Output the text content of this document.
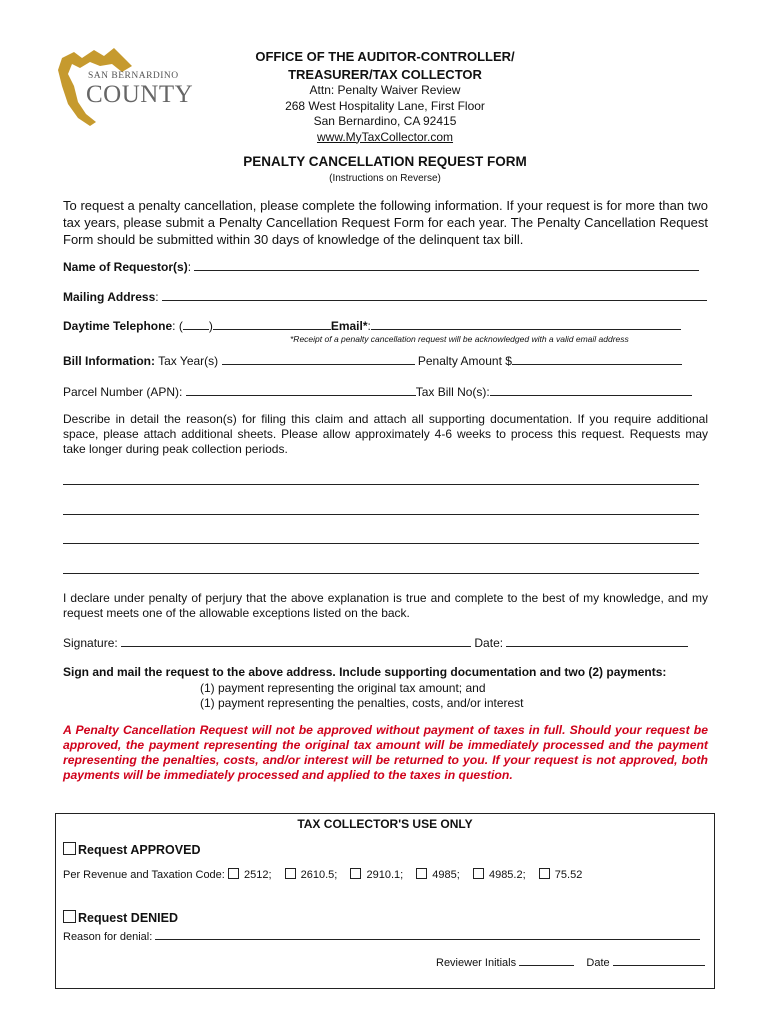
SAN BERNARDINO
COUNTY
OFFICE OF THE AUDITOR-CONTROLLER/
TREASURER/TAX COLLECTOR
Attn: Penalty Waiver Review
268 West Hospitality Lane, First Floor
San Bernardino, CA 92415
www.MyTaxCollector.com
PENALTY CANCELLATION REQUEST FORM
(Instructions on Reverse)
To request a penalty cancellation, please complete the following information. If your request is for more than two tax years, please submit a Penalty Cancellation Request Form for each year. The Penalty Cancellation Request Form should be submitted within 30 days of knowledge of the delinquent tax bill.
Name of Requestor(s):
Mailing Address:
Daytime Telephone: ( )	Email*:
*Receipt of a penalty cancellation request will be acknowledged with a valid email address
Bill Information: Tax Year(s)	Penalty Amount $
Parcel Number (APN):	Tax Bill No(s):
Describe in detail the reason(s) for filing this claim and attach all supporting documentation. If you require additional space, please attach additional sheets. Please allow approximately 4-6 weeks to process this request. Requests may take longer during peak collection periods.
I declare under penalty of perjury that the above explanation is true and complete to the best of my knowledge, and my request meets one of the allowable exceptions listed on the back.
Signature:	Date:
Sign and mail the request to the above address. Include supporting documentation and two (2) payments:
(1) payment representing the original tax amount; and
(1) payment representing the penalties, costs, and/or interest
A Penalty Cancellation Request will not be approved without payment of taxes in full. Should your request be approved, the payment representing the original tax amount will be immediately processed and the payment representing the penalties, costs, and/or interest will be returned to you. If your request is not approved, both payments will be immediately processed and applied to the taxes in question.
TAX COLLECTOR'S USE ONLY
Request APPROVED
Per Revenue and Taxation Code: 2512;	2610.5;	2910.1;	4985;	4985.2;	75.52
Request DENIED
Reason for denial:
Reviewer Initials	Date
